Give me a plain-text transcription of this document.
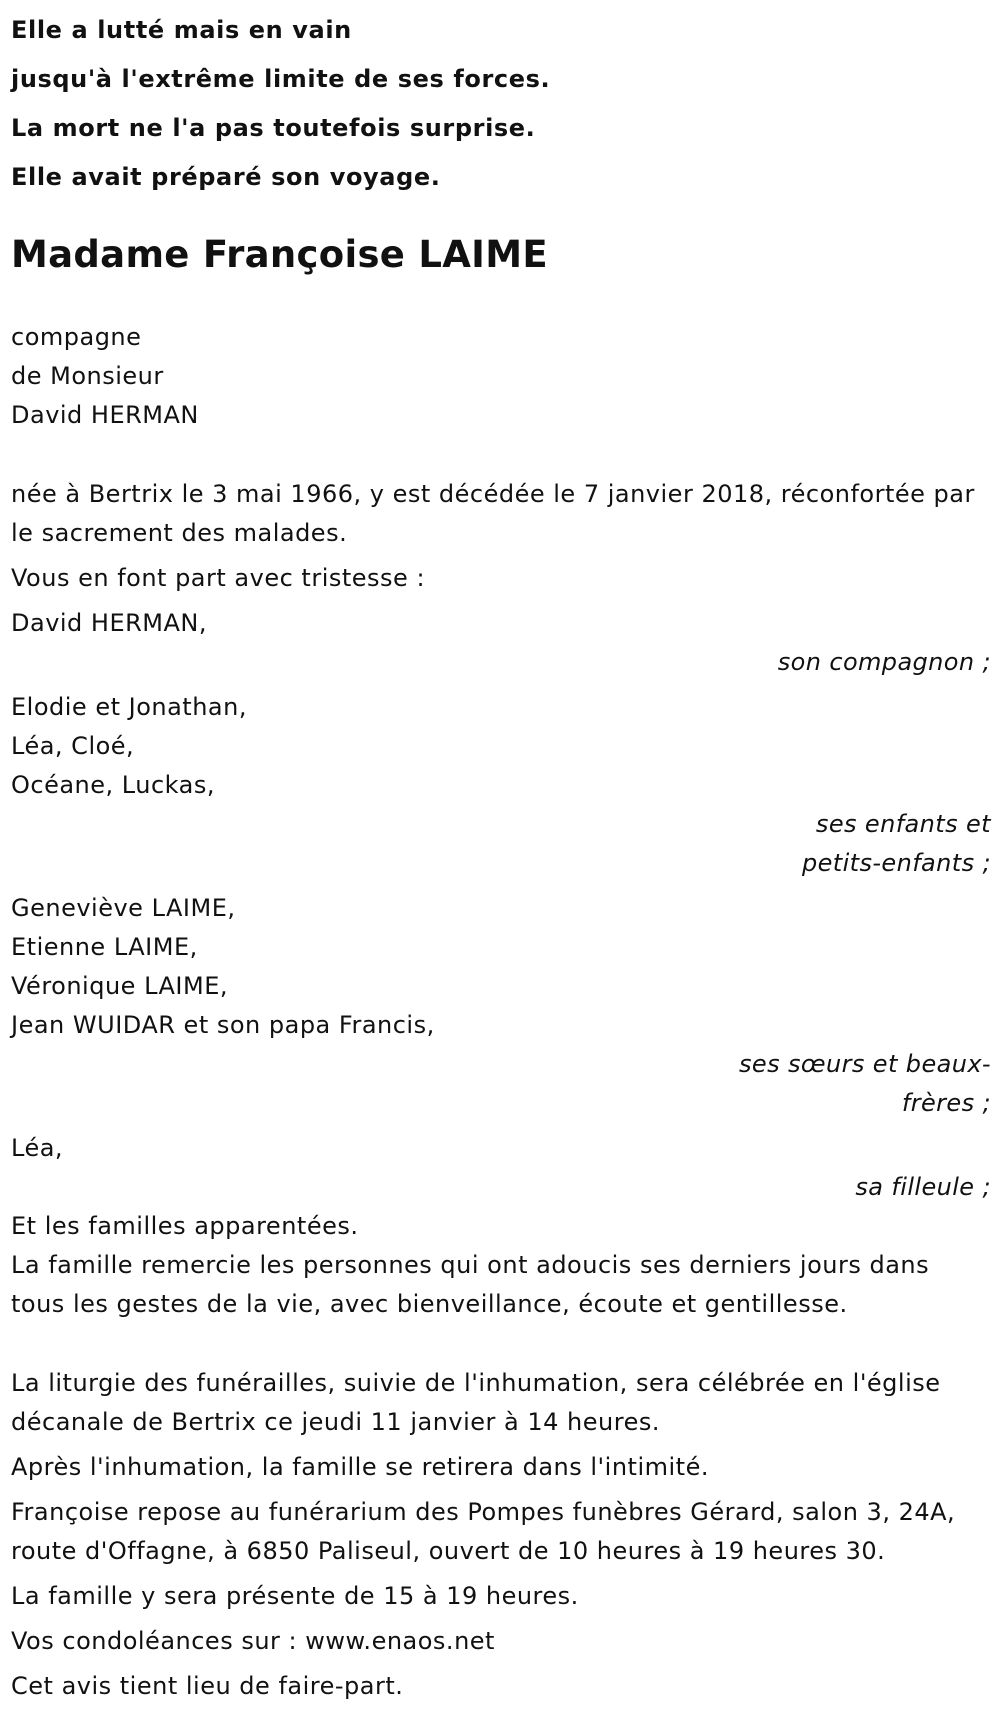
Elle a lutté mais en vain

jusqu'à l'extrême limite de ses forces.

La mort ne l'a pas toutefois surprise.

Elle avait préparé son voyage.

Madame Françoise LAIME

compagne

de Monsieur

David HERMAN

née à Bertrix le 3 mai 1966, y est décédée le 7 janvier 2018, réconfortée par le sacrement des malades.

Vous en font part avec tristesse :

David HERMAN,

son compagnon ;

Elodie et Jonathan,

Léa, Cloé,

Océane, Luckas,

ses enfants et

petits-enfants ;

Geneviève LAIME,

Etienne LAIME,

Véronique LAIME,

Jean WUIDAR et son papa Francis,

ses sœurs et beaux-

frères ;

Léa,

sa filleule ;

Et les familles apparentées.

La famille remercie les personnes qui ont adoucis ses derniers jours dans tous les gestes de la vie, avec bienveillance, écoute et gentillesse.

La liturgie des funérailles, suivie de l'inhumation, sera célébrée en l'église décanale de Bertrix ce jeudi 11 janvier à 14 heures.

Après l'inhumation, la famille se retirera dans l'intimité.

Françoise repose au funérarium des Pompes funèbres Gérard, salon 3, 24A, route d'Offagne, à 6850 Paliseul, ouvert de 10 heures à 19 heures 30.

La famille y sera présente de 15 à 19 heures.

Vos condoléances sur : www.enaos.net

Cet avis tient lieu de faire-part.
